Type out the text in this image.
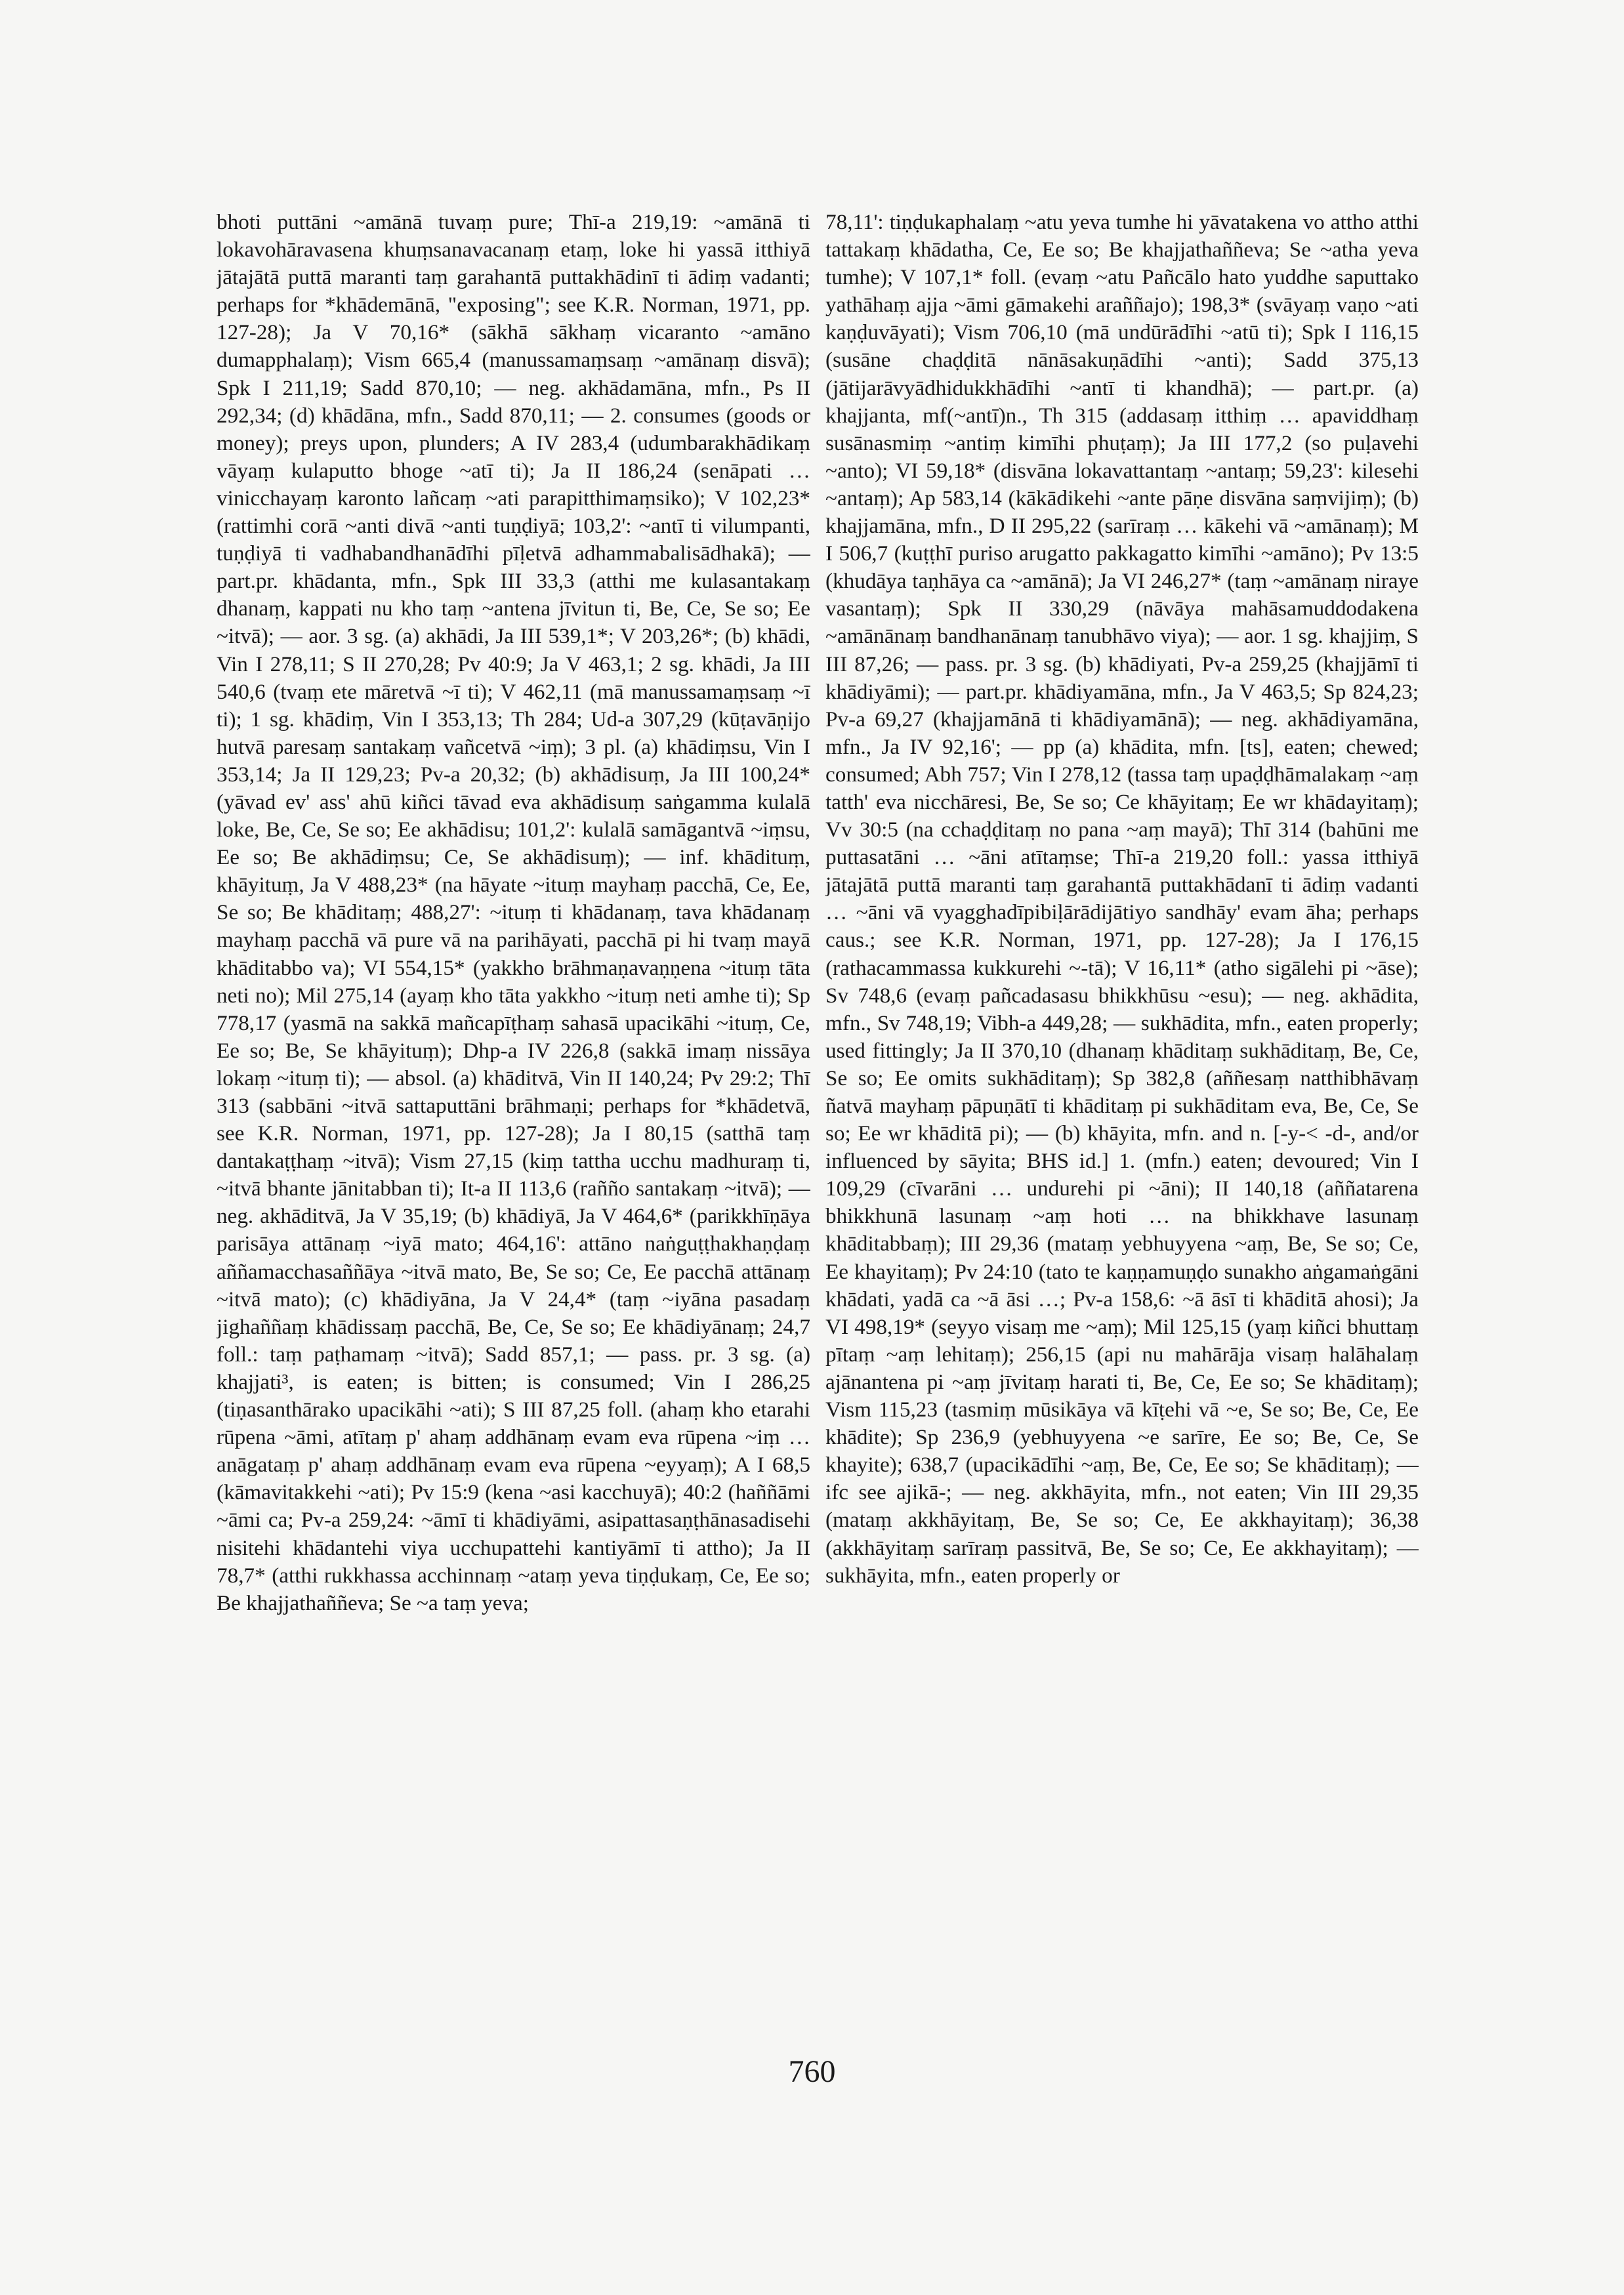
bhoti puttāni ~amānā tuvaṃ pure; Thī-a 219,19: ~amānā ti lokavohāravasena khuṃsanavacanaṃ etaṃ, loke hi yassā itthiyā jātajātā puttā maranti taṃ garahantā puttakhādinī ti ādiṃ vadanti; perhaps for *khādemānā, "exposing"; see K.R. Norman, 1971, pp. 127-28); Ja V 70,16* (sākhā sākhaṃ vicaranto ~amāno dumapphalaṃ); Vism 665,4 (manussamaṃsaṃ ~amānaṃ disvā); Spk I 211,19; Sadd 870,10; — neg. akhādamāna, mfn., Ps II 292,34; (d) khādāna, mfn., Sadd 870,11; — 2. consumes (goods or money); preys upon, plunders; A IV 283,4 (udumbarakhādikaṃ vāyaṃ kulaputto bhoge ~atī ti); Ja II 186,24 (senāpati … vinicchayaṃ karonto lañcaṃ ~ati parapitthimaṃsiko); V 102,23* (rattimhi corā ~anti divā ~anti tuṇḍiyā; 103,2': ~antī ti vilumpanti, tuṇḍiyā ti vadhabandhanādīhi pīḷetvā adhammabalisādhakā); — part.pr. khādanta, mfn., Spk III 33,3 (atthi me kulasantakaṃ dhanaṃ, kappati nu kho taṃ ~antena jīvitun ti, Be, Ce, Se so; Ee ~itvā); — aor. 3 sg. (a) akhādi, Ja III 539,1*; V 203,26*; (b) khādi, Vin I 278,11; S II 270,28; Pv 40:9; Ja V 463,1; 2 sg. khādi, Ja III 540,6 (tvaṃ ete māretvā ~ī ti); V 462,11 (mā manussamaṃsaṃ ~ī ti); 1 sg. khādiṃ, Vin I 353,13; Th 284; Ud-a 307,29 (kūṭavāṇijo hutvā paresaṃ santakaṃ vañcetvā ~iṃ); 3 pl. (a) khādiṃsu, Vin I 353,14; Ja II 129,23; Pv-a 20,32; (b) akhādisuṃ, Ja III 100,24* (yāvad ev' ass' ahū kiñci tāvad eva akhādisuṃ saṅgamma kulalā loke, Be, Ce, Se so; Ee akhādisu; 101,2': kulalā samāgantvā ~iṃsu, Ee so; Be akhādiṃsu; Ce, Se akhādisuṃ); — inf. khādituṃ, khāyituṃ, Ja V 488,23* (na hāyate ~ituṃ mayhaṃ pacchā, Ce, Ee, Se so; Be khāditaṃ; 488,27': ~ituṃ ti khādanaṃ, tava khādanaṃ mayhaṃ pacchā vā pure vā na parihāyati, pacchā pi hi tvaṃ mayā khāditabbo va); VI 554,15* (yakkho brāhmaṇavaṇṇena ~ituṃ tāta neti no); Mil 275,14 (ayaṃ kho tāta yakkho ~ituṃ neti amhe ti); Sp 778,17 (yasmā na sakkā mañcapīṭhaṃ sahasā upacikāhi ~ituṃ, Ce, Ee so; Be, Se khāyituṃ); Dhp-a IV 226,8 (sakkā imaṃ nissāya lokaṃ ~ituṃ ti); — absol. (a) khāditvā, Vin II 140,24; Pv 29:2; Thī 313 (sabbāni ~itvā sattaputtāni brāhmaṇi; perhaps for *khādetvā, see K.R. Norman, 1971, pp. 127-28); Ja I 80,15 (satthā taṃ dantakaṭṭhaṃ ~itvā); Vism 27,15 (kiṃ tattha ucchu madhuraṃ ti, ~itvā bhante jānitabban ti); It-a II 113,6 (rañño santakaṃ ~itvā); — neg. akhāditvā, Ja V 35,19; (b) khādiyā, Ja V 464,6* (parikkhīṇāya parisāya attānaṃ ~iyā mato; 464,16': attāno naṅguṭṭhakhaṇḍaṃ aññamacchasaññāya ~itvā mato, Be, Se so; Ce, Ee pacchā attānaṃ ~itvā mato); (c) khādiyāna, Ja V 24,4* (taṃ ~iyāna pasadaṃ jighaññaṃ khādissaṃ pacchā, Be, Ce, Se so; Ee khādiyānaṃ; 24,7 foll.: taṃ paṭhamaṃ ~itvā); Sadd 857,1; — pass. pr. 3 sg. (a) khajjati³, is eaten; is bitten; is consumed; Vin I 286,25 (tiṇasanthārako upacikāhi ~ati); S III 87,25 foll. (ahaṃ kho etarahi rūpena ~āmi, atītaṃ p' ahaṃ addhānaṃ evam eva rūpena ~iṃ … anāgataṃ p' ahaṃ addhānaṃ evam eva rūpena ~eyyaṃ); A I 68,5 (kāmavitakkehi ~ati); Pv 15:9 (kena ~asi kacchuyā); 40:2 (haññāmi ~āmi ca; Pv-a 259,24: ~āmī ti khādiyāmi, asipattasaṇṭhānasadisehi nisitehi khādantehi viya ucchupattehi kantiyāmī ti attho); Ja II 78,7* (atthi rukkhassa acchinnaṃ ~ataṃ yeva tiṇḍukaṃ, Ce, Ee so; Be khajjathaññeva; Se ~a taṃ yeva;

78,11': tiṇḍukaphalaṃ ~atu yeva tumhe hi yāvatakena vo attho atthi tattakaṃ khādatha, Ce, Ee so; Be khajjathaññeva; Se ~atha yeva tumhe); V 107,1* foll. (evaṃ ~atu Pañcālo hato yuddhe saputtako yathāhaṃ ajja ~āmi gāmakehi araññajo); 198,3* (svāyaṃ vaṇo ~ati kaṇḍuvāyati); Vism 706,10 (mā undūrādīhi ~atū ti); Spk I 116,15 (susāne chaḍḍitā nānāsakuṇādīhi ~anti); Sadd 375,13 (jātijarāvyādhidukkhādīhi ~antī ti khandhā); — part.pr. (a) khajjanta, mf(~antī)n., Th 315 (addasaṃ itthiṃ … apaviddhaṃ susānasmiṃ ~antiṃ kimīhi phuṭaṃ); Ja III 177,2 (so puḷavehi ~anto); VI 59,18* (disvāna lokavattantaṃ ~antaṃ; 59,23': kilesehi ~antaṃ); Ap 583,14 (kākādikehi ~ante pāṇe disvāna saṃvijiṃ); (b) khajjamāna, mfn., D II 295,22 (sarīraṃ … kākehi vā ~amānaṃ); M I 506,7 (kuṭṭhī puriso arugatto pakkagatto kimīhi ~amāno); Pv 13:5 (khudāya taṇhāya ca ~amānā); Ja VI 246,27* (taṃ ~amānaṃ niraye vasantaṃ); Spk II 330,29 (nāvāya mahāsamuddodakena ~amānānaṃ bandhanānaṃ tanubhāvo viya); — aor. 1 sg. khajjiṃ, S III 87,26; — pass. pr. 3 sg. (b) khādiyati, Pv-a 259,25 (khajjāmī ti khādiyāmi); — part.pr. khādiyamāna, mfn., Ja V 463,5; Sp 824,23; Pv-a 69,27 (khajjamānā ti khādiyamānā); — neg. akhādiyamāna, mfn., Ja IV 92,16'; — pp (a) khādita, mfn. [ts], eaten; chewed; consumed; Abh 757; Vin I 278,12 (tassa taṃ upaḍḍhāmalakaṃ ~aṃ tatth' eva nicchāresi, Be, Se so; Ce khāyitaṃ; Ee wr khādayitaṃ); Vv 30:5 (na cchaḍḍitaṃ no pana ~aṃ mayā); Thī 314 (bahūni me puttasatāni … ~āni atītaṃse; Thī-a 219,20 foll.: yassa itthiyā jātajātā puttā maranti taṃ garahantā puttakhādanī ti ādiṃ vadanti … ~āni vā vyagghadīpibiḷārādijātiyo sandhāy' evam āha; perhaps caus.; see K.R. Norman, 1971, pp. 127-28); Ja I 176,15 (rathacammassa kukkurehi ~-tā); V 16,11* (atho sigālehi pi ~āse); Sv 748,6 (evaṃ pañcadasasu bhikkhūsu ~esu); — neg. akhādita, mfn., Sv 748,19; Vibh-a 449,28; — sukhādita, mfn., eaten properly; used fittingly; Ja II 370,10 (dhanaṃ khāditaṃ sukhāditaṃ, Be, Ce, Se so; Ee omits sukhāditaṃ); Sp 382,8 (aññesaṃ natthibhāvaṃ ñatvā mayhaṃ pāpuṇātī ti khāditaṃ pi sukhāditam eva, Be, Ce, Se so; Ee wr khāditā pi); — (b) khāyita, mfn. and n. [-y-< -d-, and/or influenced by sāyita; BHS id.] 1. (mfn.) eaten; devoured; Vin I 109,29 (cīvarāni … undurehi pi ~āni); II 140,18 (aññatarena bhikkhunā lasunaṃ ~aṃ hoti … na bhikkhave lasunaṃ khāditabbaṃ); III 29,36 (mataṃ yebhuyyena ~aṃ, Be, Se so; Ce, Ee khayitaṃ); Pv 24:10 (tato te kaṇṇamuṇḍo sunakho aṅgamaṅgāni khādati, yadā ca ~ā āsi …; Pv-a 158,6: ~ā āsī ti khāditā ahosi); Ja VI 498,19* (seyyo visaṃ me ~aṃ); Mil 125,15 (yaṃ kiñci bhuttaṃ pītaṃ ~aṃ lehitaṃ); 256,15 (api nu mahārāja visaṃ halāhalaṃ ajānantena pi ~aṃ jīvitaṃ harati ti, Be, Ce, Ee so; Se khāditaṃ); Vism 115,23 (tasmiṃ mūsikāya vā kīṭehi vā ~e, Se so; Be, Ce, Ee khādite); Sp 236,9 (yebhuyyena ~e sarīre, Ee so; Be, Ce, Se khayite); 638,7 (upacikādīhi ~aṃ, Be, Ce, Ee so; Se khāditaṃ); — ifc see ajikā-; — neg. akkhāyita, mfn., not eaten; Vin III 29,35 (mataṃ akkhāyitaṃ, Be, Se so; Ce, Ee akkhayitaṃ); 36,38 (akkhāyitaṃ sarīraṃ passitvā, Be, Se so; Ce, Ee akkhayitaṃ); — sukhāyita, mfn., eaten properly or

760
